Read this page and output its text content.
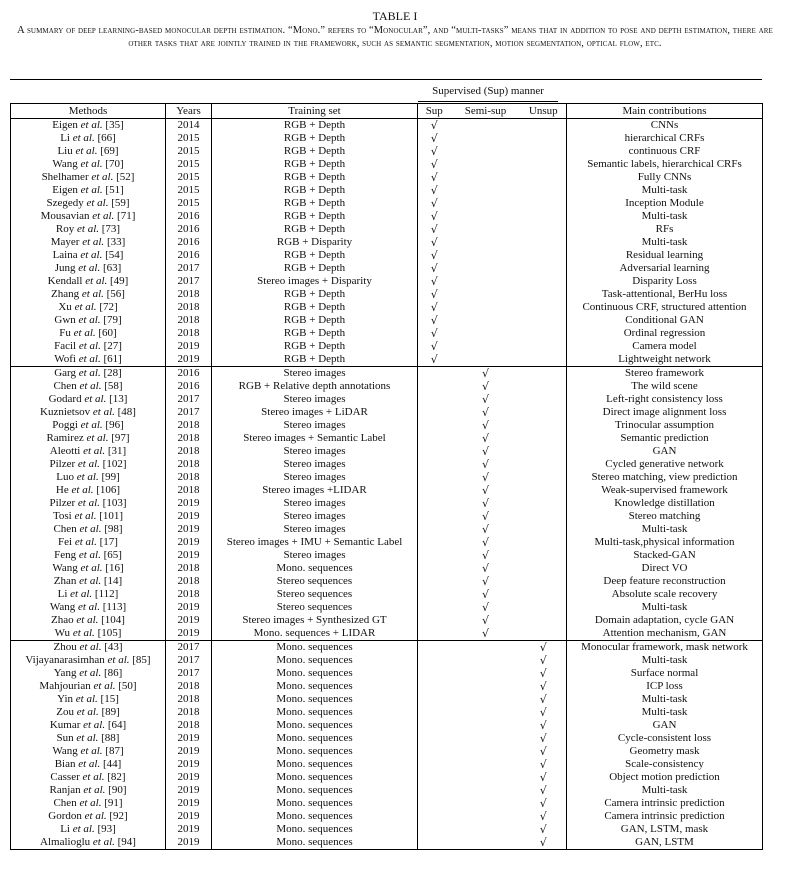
TABLE I
A summary of deep learning-based monocular depth estimation. “Mono.” refers to “Monocular”, and “multi-tasks” means that in addition to pose and depth estimation, there are other tasks that are jointly trained in the framework, such as semantic segmentation, motion segmentation, optical flow, etc.
Supervised (Sup) manner
Methods	Years	Training set	Sup	Semi-sup	Unsup	Main contributions
Eigen et al. [35]	2014	RGB + Depth	√			CNNs
Li et al. [66]	2015	RGB + Depth	√			hierarchical CRFs
Liu et al. [69]	2015	RGB + Depth	√			continuous CRF
Wang et al. [70]	2015	RGB + Depth	√			Semantic labels, hierarchical CRFs
Shelhamer et al. [52]	2015	RGB + Depth	√			Fully CNNs
Eigen et al. [51]	2015	RGB + Depth	√			Multi-task
Szegedy et al. [59]	2015	RGB + Depth	√			Inception Module
Mousavian et al. [71]	2016	RGB + Depth	√			Multi-task
Roy et al. [73]	2016	RGB + Depth	√			RFs
Mayer et al. [33]	2016	RGB + Disparity	√			Multi-task
Laina et al. [54]	2016	RGB + Depth	√			Residual learning
Jung et al. [63]	2017	RGB + Depth	√			Adversarial learning
Kendall et al. [49]	2017	Stereo images + Disparity	√			Disparity Loss
Zhang et al. [56]	2018	RGB + Depth	√			Task-attentional, BerHu loss
Xu et al. [72]	2018	RGB + Depth	√			Continuous CRF, structured attention
Gwn et al. [79]	2018	RGB + Depth	√			Conditional GAN
Fu et al. [60]	2018	RGB + Depth	√			Ordinal regression
Facil et al. [27]	2019	RGB + Depth	√			Camera model
Wofi et al. [61]	2019	RGB + Depth	√			Lightweight network
Garg et al. [28]	2016	Stereo images		√		Stereo framework
Chen et al. [58]	2016	RGB + Relative depth annotations		√		The wild scene
Godard et al. [13]	2017	Stereo images		√		Left-right consistency loss
Kuznietsov et al. [48]	2017	Stereo images + LiDAR		√		Direct image alignment loss
Poggi et al. [96]	2018	Stereo images		√		Trinocular assumption
Ramirez et al. [97]	2018	Stereo images + Semantic Label		√		Semantic prediction
Aleotti et al. [31]	2018	Stereo images		√		GAN
Pilzer et al. [102]	2018	Stereo images		√		Cycled generative network
Luo et al. [99]	2018	Stereo images		√		Stereo matching, view prediction
He et al. [106]	2018	Stereo images +LIDAR		√		Weak-supervised framework
Pilzer et al. [103]	2019	Stereo images		√		Knowledge distillation
Tosi et al. [101]	2019	Stereo images		√		Stereo matching
Chen et al. [98]	2019	Stereo images		√		Multi-task
Fei et al. [17]	2019	Stereo images + IMU + Semantic Label		√		Multi-task,physical information
Feng et al. [65]	2019	Stereo images		√		Stacked-GAN
Wang et al. [16]	2018	Mono. sequences		√		Direct VO
Zhan et al. [14]	2018	Stereo sequences		√		Deep feature reconstruction
Li et al. [112]	2018	Stereo sequences		√		Absolute scale recovery
Wang et al. [113]	2019	Stereo sequences		√		Multi-task
Zhao et al. [104]	2019	Stereo images + Synthesized GT		√		Domain adaptation, cycle GAN
Wu et al. [105]	2019	Mono. sequences + LIDAR		√		Attention mechanism, GAN
Zhou et al. [43]	2017	Mono. sequences			√	Monocular framework, mask network
Vijayanarasimhan et al. [85]	2017	Mono. sequences			√	Multi-task
Yang et al. [86]	2017	Mono. sequences			√	Surface normal
Mahjourian et al. [50]	2018	Mono. sequences			√	ICP loss
Yin et al. [15]	2018	Mono. sequences			√	Multi-task
Zou et al. [89]	2018	Mono. sequences			√	Multi-task
Kumar et al. [64]	2018	Mono. sequences			√	GAN
Sun et al. [88]	2019	Mono. sequences			√	Cycle-consistent loss
Wang et al. [87]	2019	Mono. sequences			√	Geometry mask
Bian et al. [44]	2019	Mono. sequences			√	Scale-consistency
Casser et al. [82]	2019	Mono. sequences			√	Object motion prediction
Ranjan et al. [90]	2019	Mono. sequences			√	Multi-task
Chen et al. [91]	2019	Mono. sequences			√	Camera intrinsic prediction
Gordon et al. [92]	2019	Mono. sequences			√	Camera intrinsic prediction
Li et al. [93]	2019	Mono. sequences			√	GAN, LSTM, mask
Almalioglu et al. [94]	2019	Mono. sequences			√	GAN, LSTM
